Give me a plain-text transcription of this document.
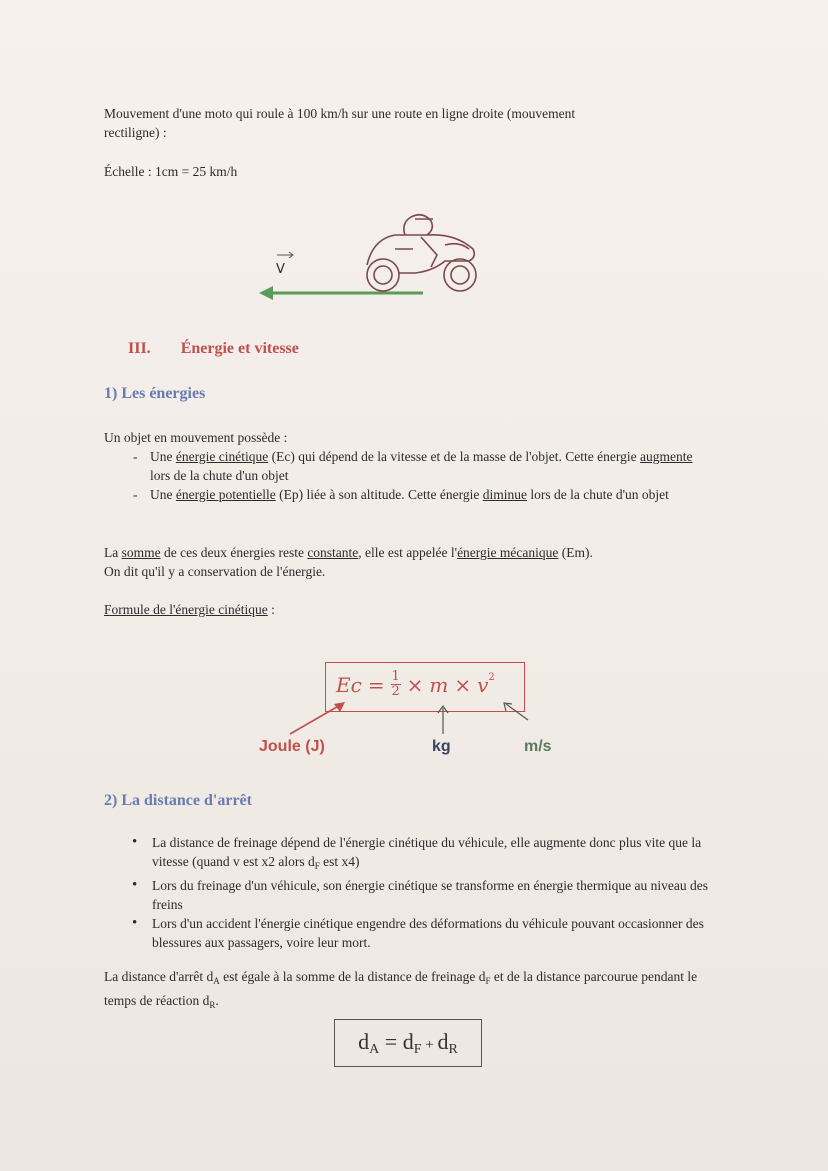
Mouvement d'une moto qui roule à 100 km/h sur une route en ligne droite (mouvement
rectiligne) :

Échelle : 1cm = 25 km/h

V
III. Énergie et vitesse
1) Les énergies

Un objet en mouvement possède :

- Une énergie cinétique (Ec) qui dépend de la vitesse et de la masse de l'objet. Cette énergie augmente lors de la chute d'un objet
- Une énergie potentielle (Ep) liée à son altitude. Cette énergie diminue lors de la chute d'un objet

La somme de ces deux énergies reste constante, elle est appelée l'énergie mécanique (Em).
On dit qu'il y a conservation de l'énergie.

Formule de l'énergie cinétique :

$Ec = \frac{1}{2} \times m \times v^2$
Joule (J)	kg	m/s
2) La distance d'arrêt
• La distance de freinage dépend de l'énergie cinétique du véhicule, elle augmente donc plus vite que la vitesse (quand v est x2 alors $d_F$ est x4)
• Lors du freinage d'un véhicule, son énergie cinétique se transforme en énergie thermique au niveau des freins
• Lors d'un accident l'énergie cinétique engendre des déformations du véhicule pouvant occasionner des blessures aux passagers, voire leur mort.

La distance d'arrêt $d_A$ est égale à la somme de la distance de freinage $d_F$ et de la distance parcourue pendant le temps de réaction $d_R$.

dA = dF + dR
